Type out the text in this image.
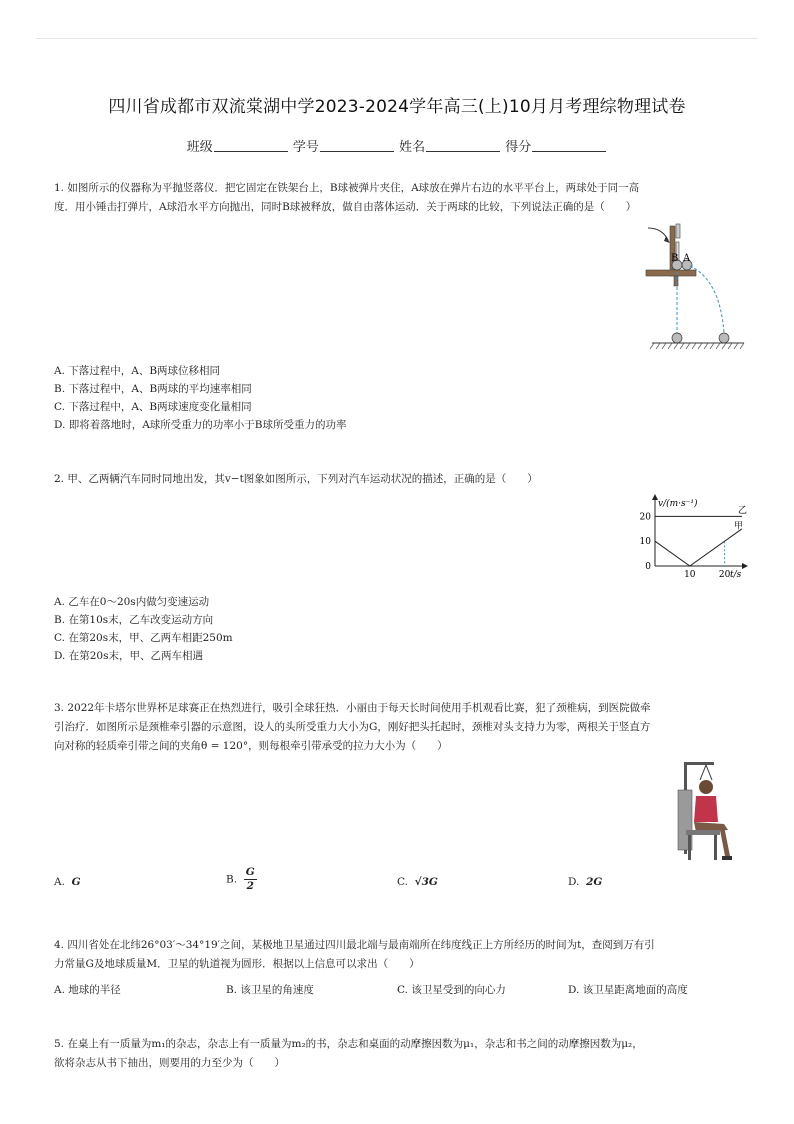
四川省成都市双流棠湖中学2023-2024学年高三(上)10月月考理综物理试卷
班级	学号	姓名	得分
1. 如图所示的仪器称为平抛竖落仪．把它固定在铁架台上，B球被弹片夹住，A球放在弹片右边的水平平台上，两球处于同一高
度．用小锤击打弹片，A球沿水平方向抛出，同时B球被释放，做自由落体运动．关于两球的比较，下列说法正确的是（　　）
B A
A. 下落过程中，A、B两球位移相同
B. 下落过程中，A、B两球的平均速率相同
C. 下落过程中，A、B两球速度变化量相同
D. 即将着落地时，A球所受重力的功率小于B球所受重力的功率
2. 甲、乙两辆汽车同时同地出发，其v−t图象如图所示，下列对汽车运动状况的描述，正确的是（　　）
v/(m·s⁻¹)
t/s
0
10
20
10	20
甲
乙
A. 乙车在0～20s内做匀变速运动
B. 在第10s末，乙车改变运动方向
C. 在第20s末，甲、乙两车相距250m
D. 在第20s末，甲、乙两车相遇
3. 2022年卡塔尔世界杯足球赛正在热烈进行，吸引全球狂热．小丽由于每天长时间使用手机观看比赛，犯了颈椎病，到医院做牵
引治疗．如图所示是颈椎牵引器的示意图，设人的头所受重力大小为G，刚好把头托起时，颈椎对头支持力为零，两根关于竖直方
向对称的轻质牵引带之间的夹角θ = 120°，则每根牵引带承受的拉力大小为（　　）
A. G	B. $\frac{G}{2}$	C. √3G	D. 2G
4. 四川省处在北纬26°03′～34°19′之间，某极地卫星通过四川最北端与最南端所在纬度线正上方所经历的时间为t，查阅到万有引
力常量G及地球质量M．卫星的轨道视为圆形．根据以上信息可以求出（　　）
A. 地球的半径	B. 该卫星的角速度	C. 该卫星受到的向心力	D. 该卫星距离地面的高度
5. 在桌上有一质量为m₁的杂志，杂志上有一质量为m₂的书，杂志和桌面的动摩擦因数为μ₁，杂志和书之间的动摩擦因数为μ₂，
欲将杂志从书下抽出，则要用的力至少为（　　）
